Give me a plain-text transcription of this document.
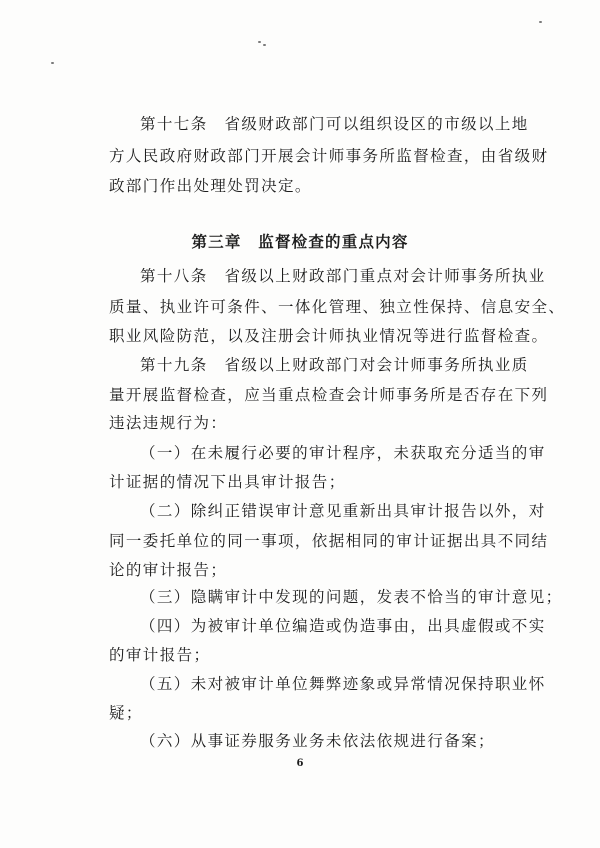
第十七条　省级财政部门可以组织设区的市级以上地
方人民政府财政部门开展会计师事务所监督检查，由省级财
政部门作出处理处罚决定。
第三章　监督检查的重点内容
第十八条　省级以上财政部门重点对会计师事务所执业
质量、执业许可条件、一体化管理、独立性保持、信息安全、
职业风险防范，以及注册会计师执业情况等进行监督检查。
第十九条　省级以上财政部门对会计师事务所执业质
量开展监督检查，应当重点检查会计师事务所是否存在下列
违法违规行为：
（一）在未履行必要的审计程序，未获取充分适当的审
计证据的情况下出具审计报告；
（二）除纠正错误审计意见重新出具审计报告以外，对
同一委托单位的同一事项，依据相同的审计证据出具不同结
论的审计报告；
（三）隐瞒审计中发现的问题，发表不恰当的审计意见；
（四）为被审计单位编造或伪造事由，出具虚假或不实
的审计报告；
（五）未对被审计单位舞弊迹象或异常情况保持职业怀
疑；
（六）从事证券服务业务未依法依规进行备案；
6
